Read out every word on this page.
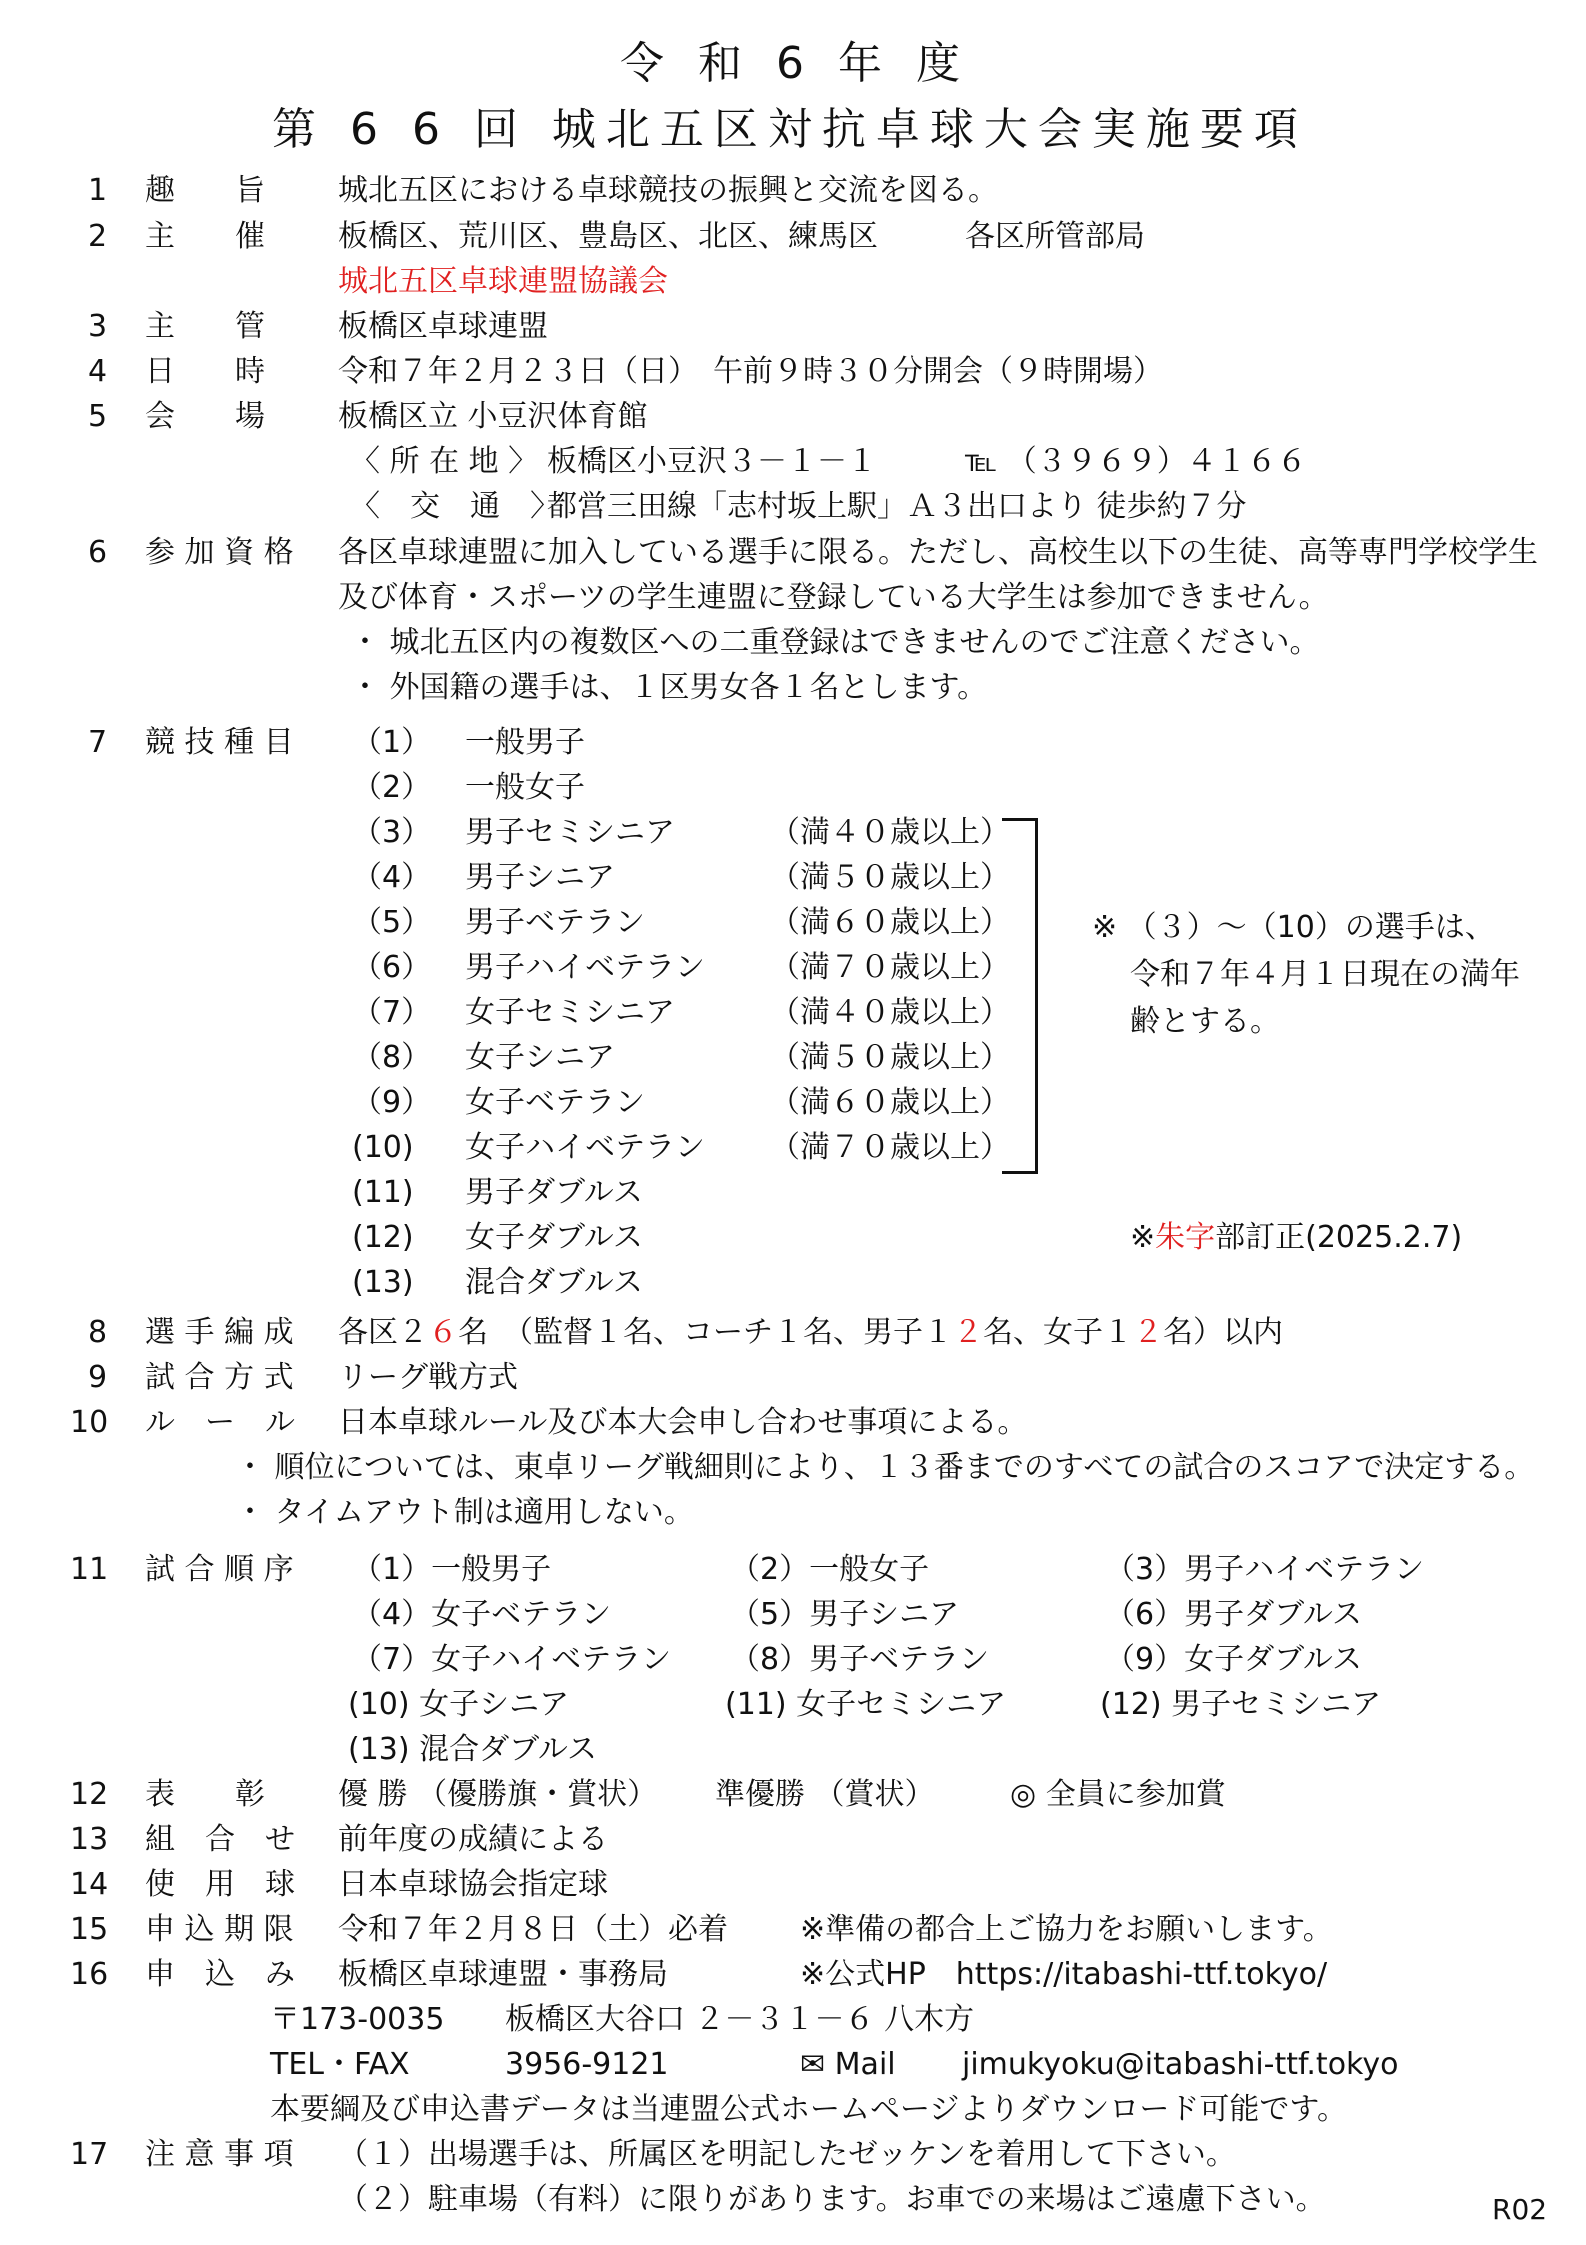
令 和 6 年 度
第 6 6 回 城北五区対抗卓球大会実施要項
1 趣　　旨 城北五区における卓球競技の振興と交流を図る。
2 主　　催 板橋区、荒川区、豊島区、北区、練馬区	各区所管部局
城北五区卓球連盟協議会
3 主　　管 板橋区卓球連盟
4 日　　時 令和７年２月２３日（日）　午前９時３０分開会（９時開場）
5 会　　場 板橋区立 小豆沢体育館
〈 所 在 地 〉 板橋区小豆沢３－１－１	℡ （３９６９）４１６６
〈　交　通　〉
都営三田線「志村坂上駅」Ａ３出口より 徒歩約７分
6 参 加 資 格 各区卓球連盟に加入している選手に限る。ただし、高校生以下の生徒、高等専門学校学生
及び体育・スポーツの学生連盟に登録している大学生は参加できません。
・ 城北五区内の複数区への二重登録はできませんのでご注意ください。
・ 外国籍の選手は、１区男女各１名とします。
7 競 技 種 目 （1） 一般男子
（2） 一般女子
（3） 男子セミシニア	（満４０歳以上）
（4） 男子シニア	（満５０歳以上）
（5） 男子ベテラン	（満６０歳以上）
（6） 男子ハイベテラン （満７０歳以上）
（7） 女子セミシニア	（満４０歳以上）
（8） 女子シニア	（満５０歳以上）
（9） 女子ベテラン	（満６０歳以上）
(10) 女子ハイベテラン （満７０歳以上）
(11) 男子ダブルス
(12) 女子ダブルス
(13) 混合ダブルス
※ （３）～（10）の選手は、
令和７年４月１日現在の満年
齢とする。
※朱字部訂正(2025.2.7)
8 選 手 編 成 各区２６名　（監督１名、コーチ１名、男子１２名、女子１２名）以内
9 試 合 方 式 リーグ戦方式
10 ル　ー　ル 日本卓球ルール及び本大会申し合わせ事項による。
・ 順位については、東卓リーグ戦細則により、１３番までのすべての試合のスコアで決定する。
・ タイムアウト制は適用しない。
11 試 合 順 序 （1）一般男子	（2）一般女子	（3）男子ハイベテラン
（4）女子ベテラン	（5）男子シニア	（6）男子ダブルス
（7）女子ハイベテラン （8）男子ベテラン	（9）女子ダブルス
(10) 女子シニア	(11) 女子セミシニア	(12) 男子セミシニア
(13) 混合ダブルス
12 表　　彰 優 勝 （優勝旗・賞状） 準優勝 （賞状）	◎ 全員に参加賞
13 組　合　せ 前年度の成績による
14 使　用　球 日本卓球協会指定球
15 申 込 期 限 令和７年２月８日（土）必着 ※準備の都合上ご協力をお願いします。
16 申　込　み 板橋区卓球連盟・事務局	※公式HP　https://itabashi-ttf.tokyo/
〒173-0035 板橋区大谷口 ２－３１－６ 八木方
TEL・FAX	3956-9121	✉ Mail jimukyoku@itabashi-ttf.tokyo
本要綱及び申込書データは当連盟公式ホームページよりダウンロード可能です。
17 注 意 事 項 （１）出場選手は、所属区を明記したゼッケンを着用して下さい。
（２）駐車場（有料）に限りがあります。お車での来場はご遠慮下さい。	R02
